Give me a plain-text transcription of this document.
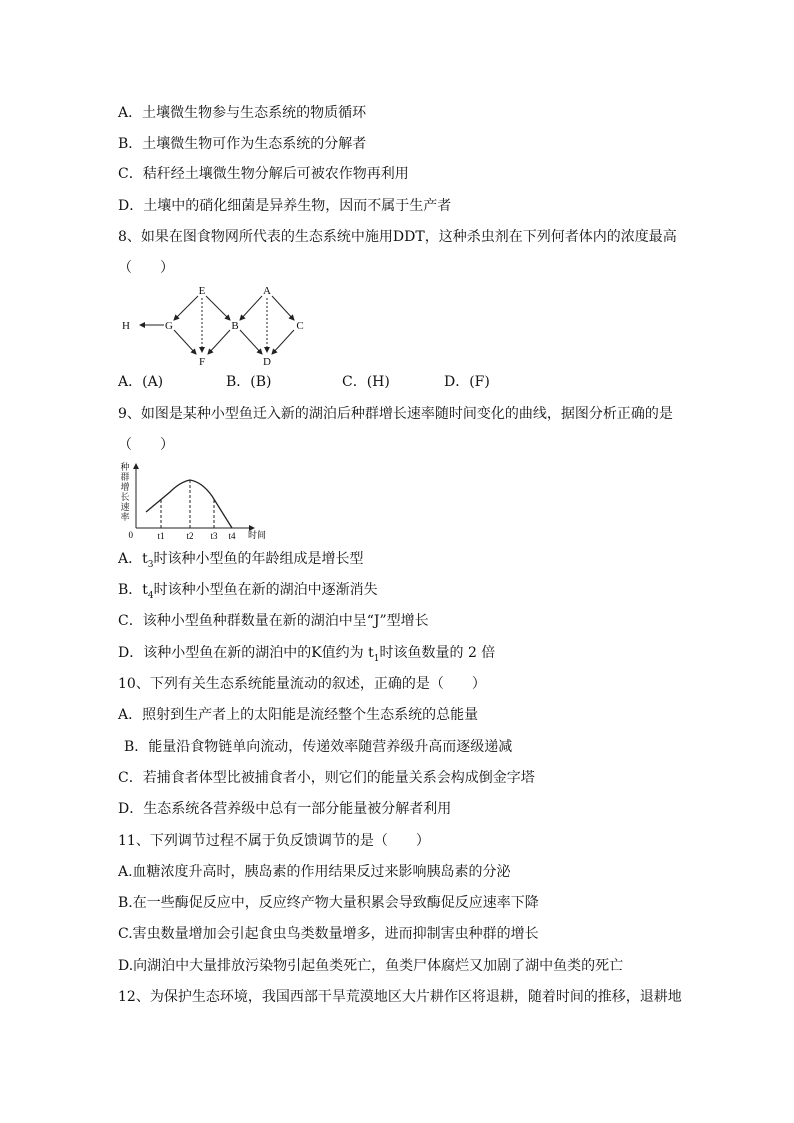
A．土壤微生物参与生态系统的物质循环
B．土壤微生物可作为生态系统的分解者
C．秸秆经土壤微生物分解后可被农作物再利用
D．土壤中的硝化细菌是异养生物，因而不属于生产者
8、如果在图食物网所代表的生态系统中施用DDT，这种杀虫剂在下列何者体内的浓度最高
（　　）
E	A
H	G	B	C
F	D
A．(A)	B．(B)	C．(H)	D．(F)
9、如图是某种小型鱼迁入新的湖泊后种群增长速率随时间变化的曲线，据图分析正确的是
（　　）
种群增长速率
0	t1 t2 t3 t4 时间
A．$t_3$时该种小型鱼的年龄组成是增长型
B．$t_4$时该种小型鱼在新的湖泊中逐渐消失
C．该种小型鱼种群数量在新的湖泊中呈“J”型增长
D．该种小型鱼在新的湖泊中的K值约为 $t_1$时该鱼数量的 2 倍
10、下列有关生态系统能量流动的叙述，正确的是（　　）
A．照射到生产者上的太阳能是流经整个生态系统的总能量
B．能量沿食物链单向流动，传递效率随营养级升高而逐级递减
C．若捕食者体型比被捕食者小，则它们的能量关系会构成倒金字塔
D．生态系统各营养级中总有一部分能量被分解者利用
11、下列调节过程不属于负反馈调节的是（　　）
A.血糖浓度升高时，胰岛素的作用结果反过来影响胰岛素的分泌
B.在一些酶促反应中，反应终产物大量积累会导致酶促反应速率下降
C.害虫数量增加会引起食虫鸟类数量增多，进而抑制害虫种群的增长
D.向湖泊中大量排放污染物引起鱼类死亡，鱼类尸体腐烂又加剧了湖中鱼类的死亡
12、为保护生态环境，我国西部干旱荒漠地区大片耕作区将退耕，随着时间的推移，退耕地
